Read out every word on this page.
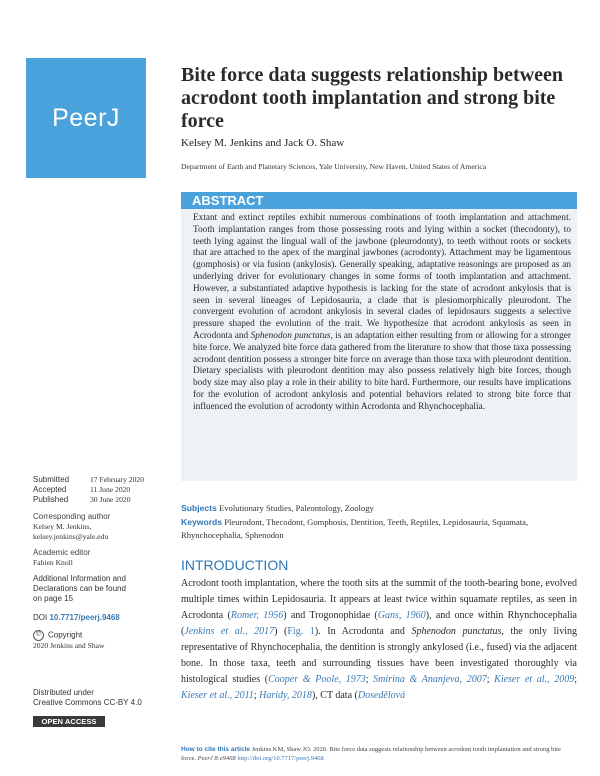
PeerJ
Bite force data suggests relationship between acrodont tooth implantation and strong bite force
Kelsey M. Jenkins and Jack O. Shaw
Department of Earth and Planetary Sciences, Yale University, New Haven, United States of America
ABSTRACT

Extant and extinct reptiles exhibit numerous combinations of tooth implantation and attachment. Tooth implantation ranges from those possessing roots and lying within a socket (thecodonty), to teeth lying against the lingual wall of the jawbone (pleurodonty), to teeth without roots or sockets that are attached to the apex of the marginal jawbones (acrodonty). Attachment may be ligamentous (gomphosis) or via fusion (ankylosis). Generally speaking, adaptative reasonings are proposed as an underlying driver for evolutionary changes in some forms of tooth implantation and attachment. However, a substantiated adaptive hypothesis is lacking for the state of acrodont ankylosis that is seen in several lineages of Lepidosauria, a clade that is plesiomorphically pleurodont. The convergent evolution of acrodont ankylosis in several clades of lepidosaurs suggests a selective pressure shaped the evolution of the trait. We hypothesize that acrodont ankylosis as seen in Acrodonta and Sphenodon punctatus, is an adaptation either resulting from or allowing for a stronger bite force. We analyzed bite force data gathered from the literature to show that those taxa possessing acrodont dentition possess a stronger bite force on average than those taxa with pleurodont dentition. Dietary specialists with pleurodont dentition may also possess relatively high bite forces, though body size may also play a role in their ability to bite hard. Furthermore, our results have implications for the evolution of acrodont ankylosis and potential behaviors related to strong bite force that influenced the evolution of acrodonty within Acrodonta and Rhynchocephalia.

Submitted	17 February 2020
Accepted	11 June 2020
Published	30 June 2020
Corresponding author
Kelsey M. Jenkins,
kelsey.jenkins@yale.edu
Academic editor
Fabien Knoll
Additional Information and Declarations can be found on page 15
DOI 10.7717/peerj.9468
© Copyright
2020 Jenkins and Shaw
Distributed under
Creative Commons CC-BY 4.0
OPEN ACCESS
Subjects Evolutionary Studies, Paleontology, Zoology
Keywords Pleurodont, Thecodont, Gomphosis, Dentition, Teeth, Reptiles, Lepidosauria, Squamata, Rhynchocephalia, Sphenodon
INTRODUCTION

Acrodont tooth implantation, where the tooth sits at the summit of the tooth-bearing bone, evolved multiple times within Lepidosauria. It appears at least twice within squamate reptiles, as seen in Acrodonta (Romer, 1956) and Trogonophidae (Gans, 1960), and once within Rhynchocephalia (Jenkins et al., 2017) (Fig. 1). In Acrodonta and Sphenodon punctatus, the only living representative of Rhynchocephalia, the dentition is strongly ankylosed (i.e., fused) via the adjacent bone. In those taxa, teeth and surrounding tissues have been investigated thoroughly via histological studies (Cooper & Poole, 1973; Smirina & Ananjeva, 2007; Kieser et al., 2009; Kieser et al., 2011; Haridy, 2018), CT data (Dosedělová

How to cite this article Jenkins KM, Shaw JO. 2020. Bite force data suggests relationship between acrodont tooth implantation and strong bite force. PeerJ 8:e9468 http://doi.org/10.7717/peerj.9468
